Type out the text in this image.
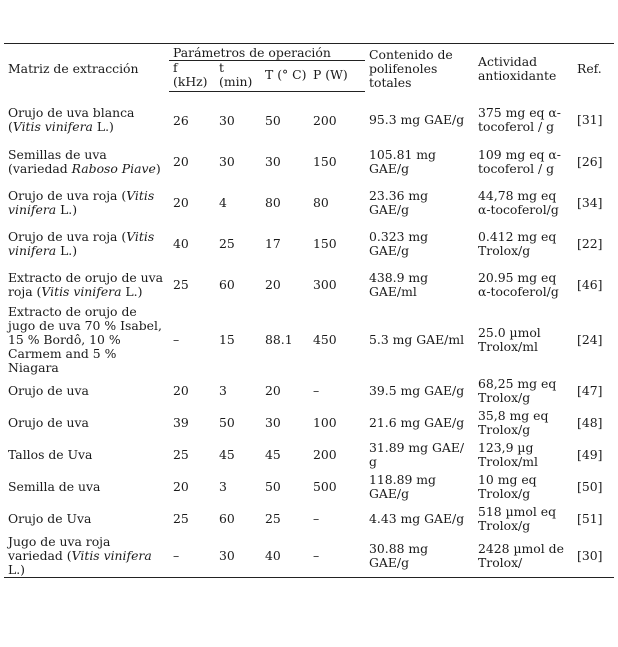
Matriz de extracción	Parámetros de operación				Contenido de polifenoles totales	Actividad antioxidante	Ref.
	f (kHz)	t (min)	T (° C)	P (W)			
Orujo de uva blanca (Vitis vinifera L.)	26	30	50	200	95.3 mg GAE/g	375 mg eq α-tocoferol / g	[31]
Semillas de uva (variedad Raboso Piave)	20	30	30	150	105.81 mg GAE/g	109 mg eq α-tocoferol / g	[26]
Orujo de uva roja (Vitis vinifera L.)	20	4	80	80	23.36 mg GAE/g	44,78 mg eq α-tocoferol/g	[34]
Orujo de uva roja (Vitis vinifera L.)	40	25	17	150	0.323 mg GAE/g	0.412 mg eq Trolox/g	[22]
Extracto de orujo de uva roja (Vitis vinifera L.)	25	60	20	300	438.9 mg GAE/ml	20.95 mg eq α-tocoferol/g	[46]
Extracto de orujo de jugo de uva 70 % Isabel, 15 % Bordô, 10 % Carmem and 5 % Niagara	–	15	88.1	450	5.3 mg GAE/ml	25.0 µmol Trolox/ml	[24]
Orujo de uva	20	3	20	–	39.5 mg GAE/g	68,25 mg eq Trolox/g	[47]
Orujo de uva	39	50	30	100	21.6 mg GAE/g	35,8 mg eq Trolox/g	[48]
Tallos de Uva	25	45	45	200	31.89 mg GAE/ g	123,9 µg Trolox/ml	[49]
Semilla de uva	20	3	50	500	118.89 mg GAE/g	10 mg eq Trolox/g	[50]
Orujo de Uva	25	60	25	–	4.43 mg GAE/g	518 µmol eq Trolox/g	[51]
Jugo de uva roja variedad (Vitis vinifera L.)	–	30	40	–	30.88 mg GAE/g	2428 µmol de Trolox/	[30]
